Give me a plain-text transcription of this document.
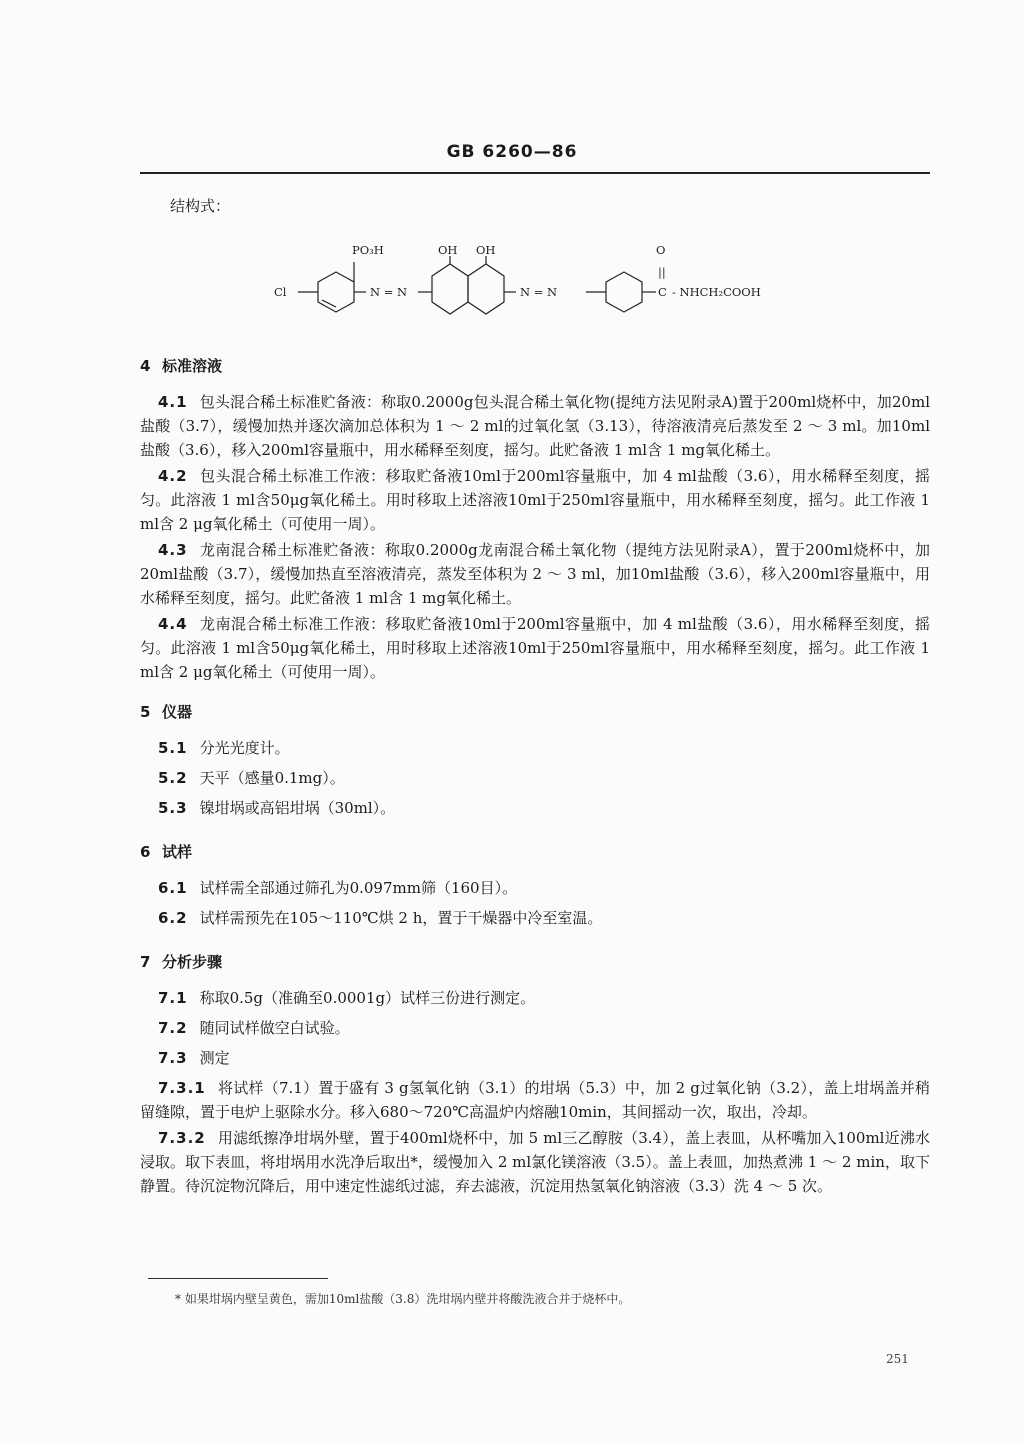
GB 6260—86
结构式：
PO₃H	OH OH	O
||
Cl	N = N	N = N	C - NHCH₂COOH
4 标准溶液

4.1 包头混合稀土标准贮备液：称取0.2000g包头混合稀土氧化物(提纯方法见附录A)置于200ml烧杯中，加20ml盐酸（3.7），缓慢加热并逐次滴加总体积为 1 ～ 2 ml的过氧化氢（3.13），待溶液清亮后蒸发至 2 ～ 3 ml。加10ml盐酸（3.6），移入200ml容量瓶中，用水稀释至刻度，摇匀。此贮备液 1 ml含 1 mg氧化稀土。

4.2 包头混合稀土标准工作液：移取贮备液10ml于200ml容量瓶中，加 4 ml盐酸（3.6），用水稀释至刻度，摇匀。此溶液 1 ml含50μg氧化稀土。用时移取上述溶液10ml于250ml容量瓶中，用水稀释至刻度，摇匀。此工作液 1 ml含 2 μg氧化稀土（可使用一周）。

4.3 龙南混合稀土标准贮备液：称取0.2000g龙南混合稀土氧化物（提纯方法见附录A），置于200ml烧杯中，加20ml盐酸（3.7），缓慢加热直至溶液清亮，蒸发至体积为 2 ～ 3 ml，加10ml盐酸（3.6），移入200ml容量瓶中，用水稀释至刻度，摇匀。此贮备液 1 ml含 1 mg氧化稀土。

4.4 龙南混合稀土标准工作液：移取贮备液10ml于200ml容量瓶中，加 4 ml盐酸（3.6），用水稀释至刻度，摇匀。此溶液 1 ml含50μg氧化稀土，用时移取上述溶液10ml于250ml容量瓶中，用水稀释至刻度，摇匀。此工作液 1 ml含 2 μg氧化稀土（可使用一周）。

5 仪器
5.1 分光光度计。
5.2 天平（感量0.1mg）。
5.3 镍坩埚或高铝坩埚（30ml）。
6 试样
6.1 试样需全部通过筛孔为0.097mm筛（160目）。
6.2 试样需预先在105～110℃烘 2 h，置于干燥器中冷至室温。
7 分析步骤
7.1 称取0.5g（准确至0.0001g）试样三份进行测定。
7.2 随同试样做空白试验。
7.3 测定

7.3.1 将试样（7.1）置于盛有 3 g氢氧化钠（3.1）的坩埚（5.3）中，加 2 g过氧化钠（3.2），盖上坩埚盖并稍留缝隙，置于电炉上驱除水分。移入680～720℃高温炉内熔融10min，其间摇动一次，取出，冷却。

7.3.2 用滤纸擦净坩埚外壁，置于400ml烧杯中，加 5 ml三乙醇胺（3.4），盖上表皿，从杯嘴加入100ml近沸水浸取。取下表皿，将坩埚用水洗净后取出*，缓慢加入 2 ml氯化镁溶液（3.5）。盖上表皿，加热煮沸 1 ～ 2 min，取下静置。待沉淀物沉降后，用中速定性滤纸过滤，弃去滤液，沉淀用热氢氧化钠溶液（3.3）洗 4 ～ 5 次。

* 如果坩埚内壁呈黄色，需加10ml盐酸（3.8）洗坩埚内壁并将酸洗液合并于烧杯中。
251
